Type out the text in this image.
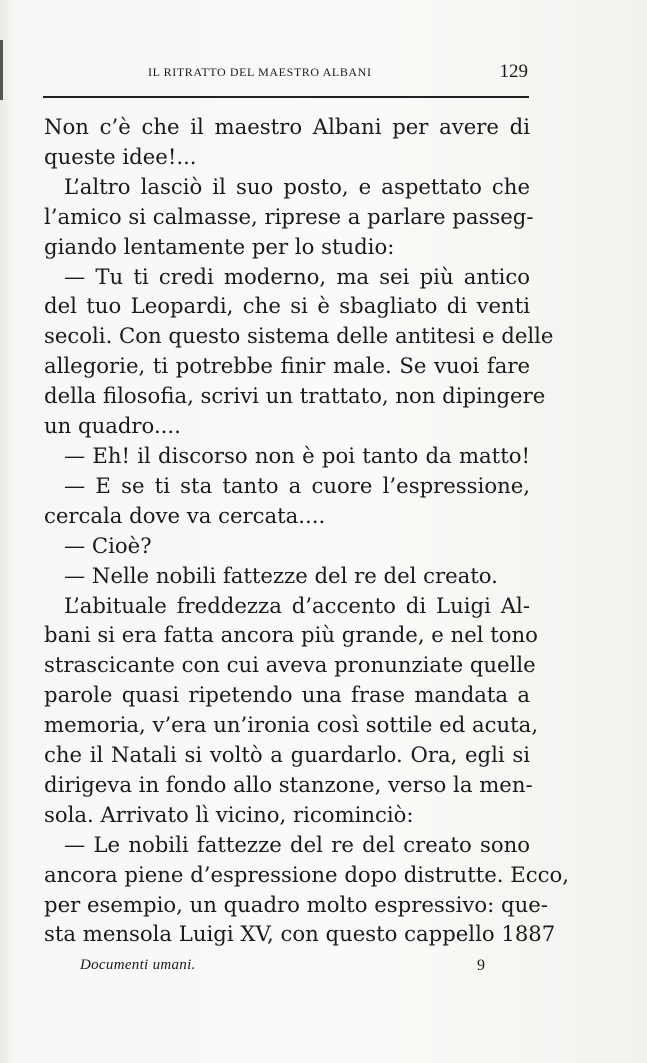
IL RITRATTO DEL MAESTRO ALBANI	129
Non c’è che il maestro Albani per avere di
queste idee!...
L’altro lasciò il suo posto, e aspettato che
l’amico si calmasse, riprese a parlare passeg-
giando lentamente per lo studio:
— Tu ti credi moderno, ma sei più antico
del tuo Leopardi, che si è sbagliato di venti
secoli. Con questo sistema delle antitesi e delle
allegorie, ti potrebbe finir male. Se vuoi fare
della filosofia, scrivi un trattato, non dipingere
un quadro....
— Eh! il discorso non è poi tanto da matto!
— E se ti sta tanto a cuore l’espressione,
cercala dove va cercata....
— Cioè?
— Nelle nobili fattezze del re del creato.
L’abituale freddezza d’accento di Luigi Al-
bani si era fatta ancora più grande, e nel tono
strascicante con cui aveva pronunziate quelle
parole quasi ripetendo una frase mandata a
memoria, v’era un’ironia così sottile ed acuta,
che il Natali si voltò a guardarlo. Ora, egli si
dirigeva in fondo allo stanzone, verso la men-
sola. Arrivato lì vicino, ricominciò:
— Le nobili fattezze del re del creato sono
ancora piene d’espressione dopo distrutte. Ecco,
per esempio, un quadro molto espressivo: que-
sta mensola Luigi XV, con questo cappello 1887
Documenti umani.	9
